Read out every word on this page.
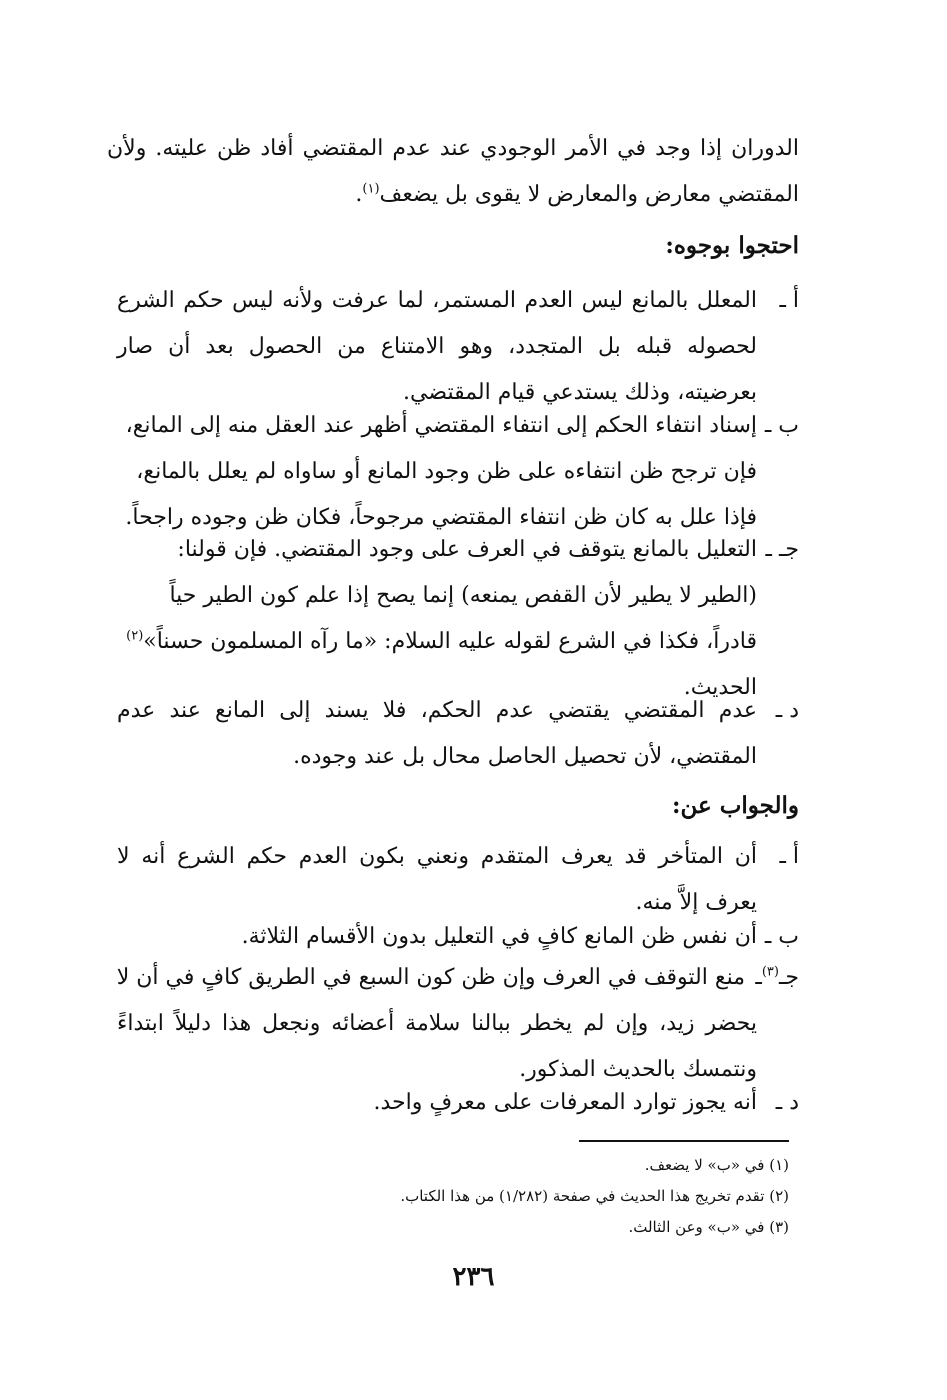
الدوران إذا وجد في الأمر الوجودي عند عدم المقتضي أفاد ظن عليته. ولأن
المقتضي معارض والمعارض لا يقوى بل يضعف$^{(١)}$.
احتجوا بوجوه:
أ ـ
المعلل بالمانع ليس العدم المستمر، لما عرفت ولأنه ليس حكم الشرع
لحصوله قبله بل المتجدد، وهو الامتناع من الحصول بعد أن صار
بعرضيته، وذلك يستدعي قيام المقتضي.
ب ـ
إسناد انتفاء الحكم إلى انتفاء المقتضي أظهر عند العقل منه إلى المانع،
فإن ترجح ظن انتفاءه على ظن وجود المانع أو ساواه لم يعلل بالمانع،
فإذا علل به كان ظن انتفاء المقتضي مرجوحاً، فكان ظن وجوده راجحاً.
جـ ـ
التعليل بالمانع يتوقف في العرف على وجود المقتضي. فإن قولنا:
(الطير لا يطير لأن القفص يمنعه) إنما يصح إذا علم كون الطير حياً
قادراً، فكذا في الشرع لقوله عليه السلام: «ما رآه المسلمون حسناً»$^{(٢)}$
الحديث.
د ـ
عدم المقتضي يقتضي عدم الحكم، فلا يسند إلى المانع عند عدم
المقتضي، لأن تحصيل الحاصل محال بل عند وجوده.
والجواب عن:
أ ـ
أن المتأخر قد يعرف المتقدم ونعني بكون العدم حكم الشرع أنه لا
يعرف إلاَّ منه.
ب ـ
أن نفس ظن المانع كافٍ في التعليل بدون الأقسام الثلاثة.
جـ$^{(٣)}$ـ
منع التوقف في العرف وإن ظن كون السبع في الطريق كافٍ في أن لا
يحضر زيد، وإن لم يخطر ببالنا سلامة أعضائه ونجعل هذا دليلاً ابتداءً
ونتمسك بالحديث المذكور.
د ـ
أنه يجوز توارد المعرفات على معرفٍ واحد.
(١) في «ب» لا يضعف.
(٢) تقدم تخريج هذا الحديث في صفحة (١/٢٨٢) من هذا الكتاب.
(٣) في «ب» وعن الثالث.
٢٣٦
